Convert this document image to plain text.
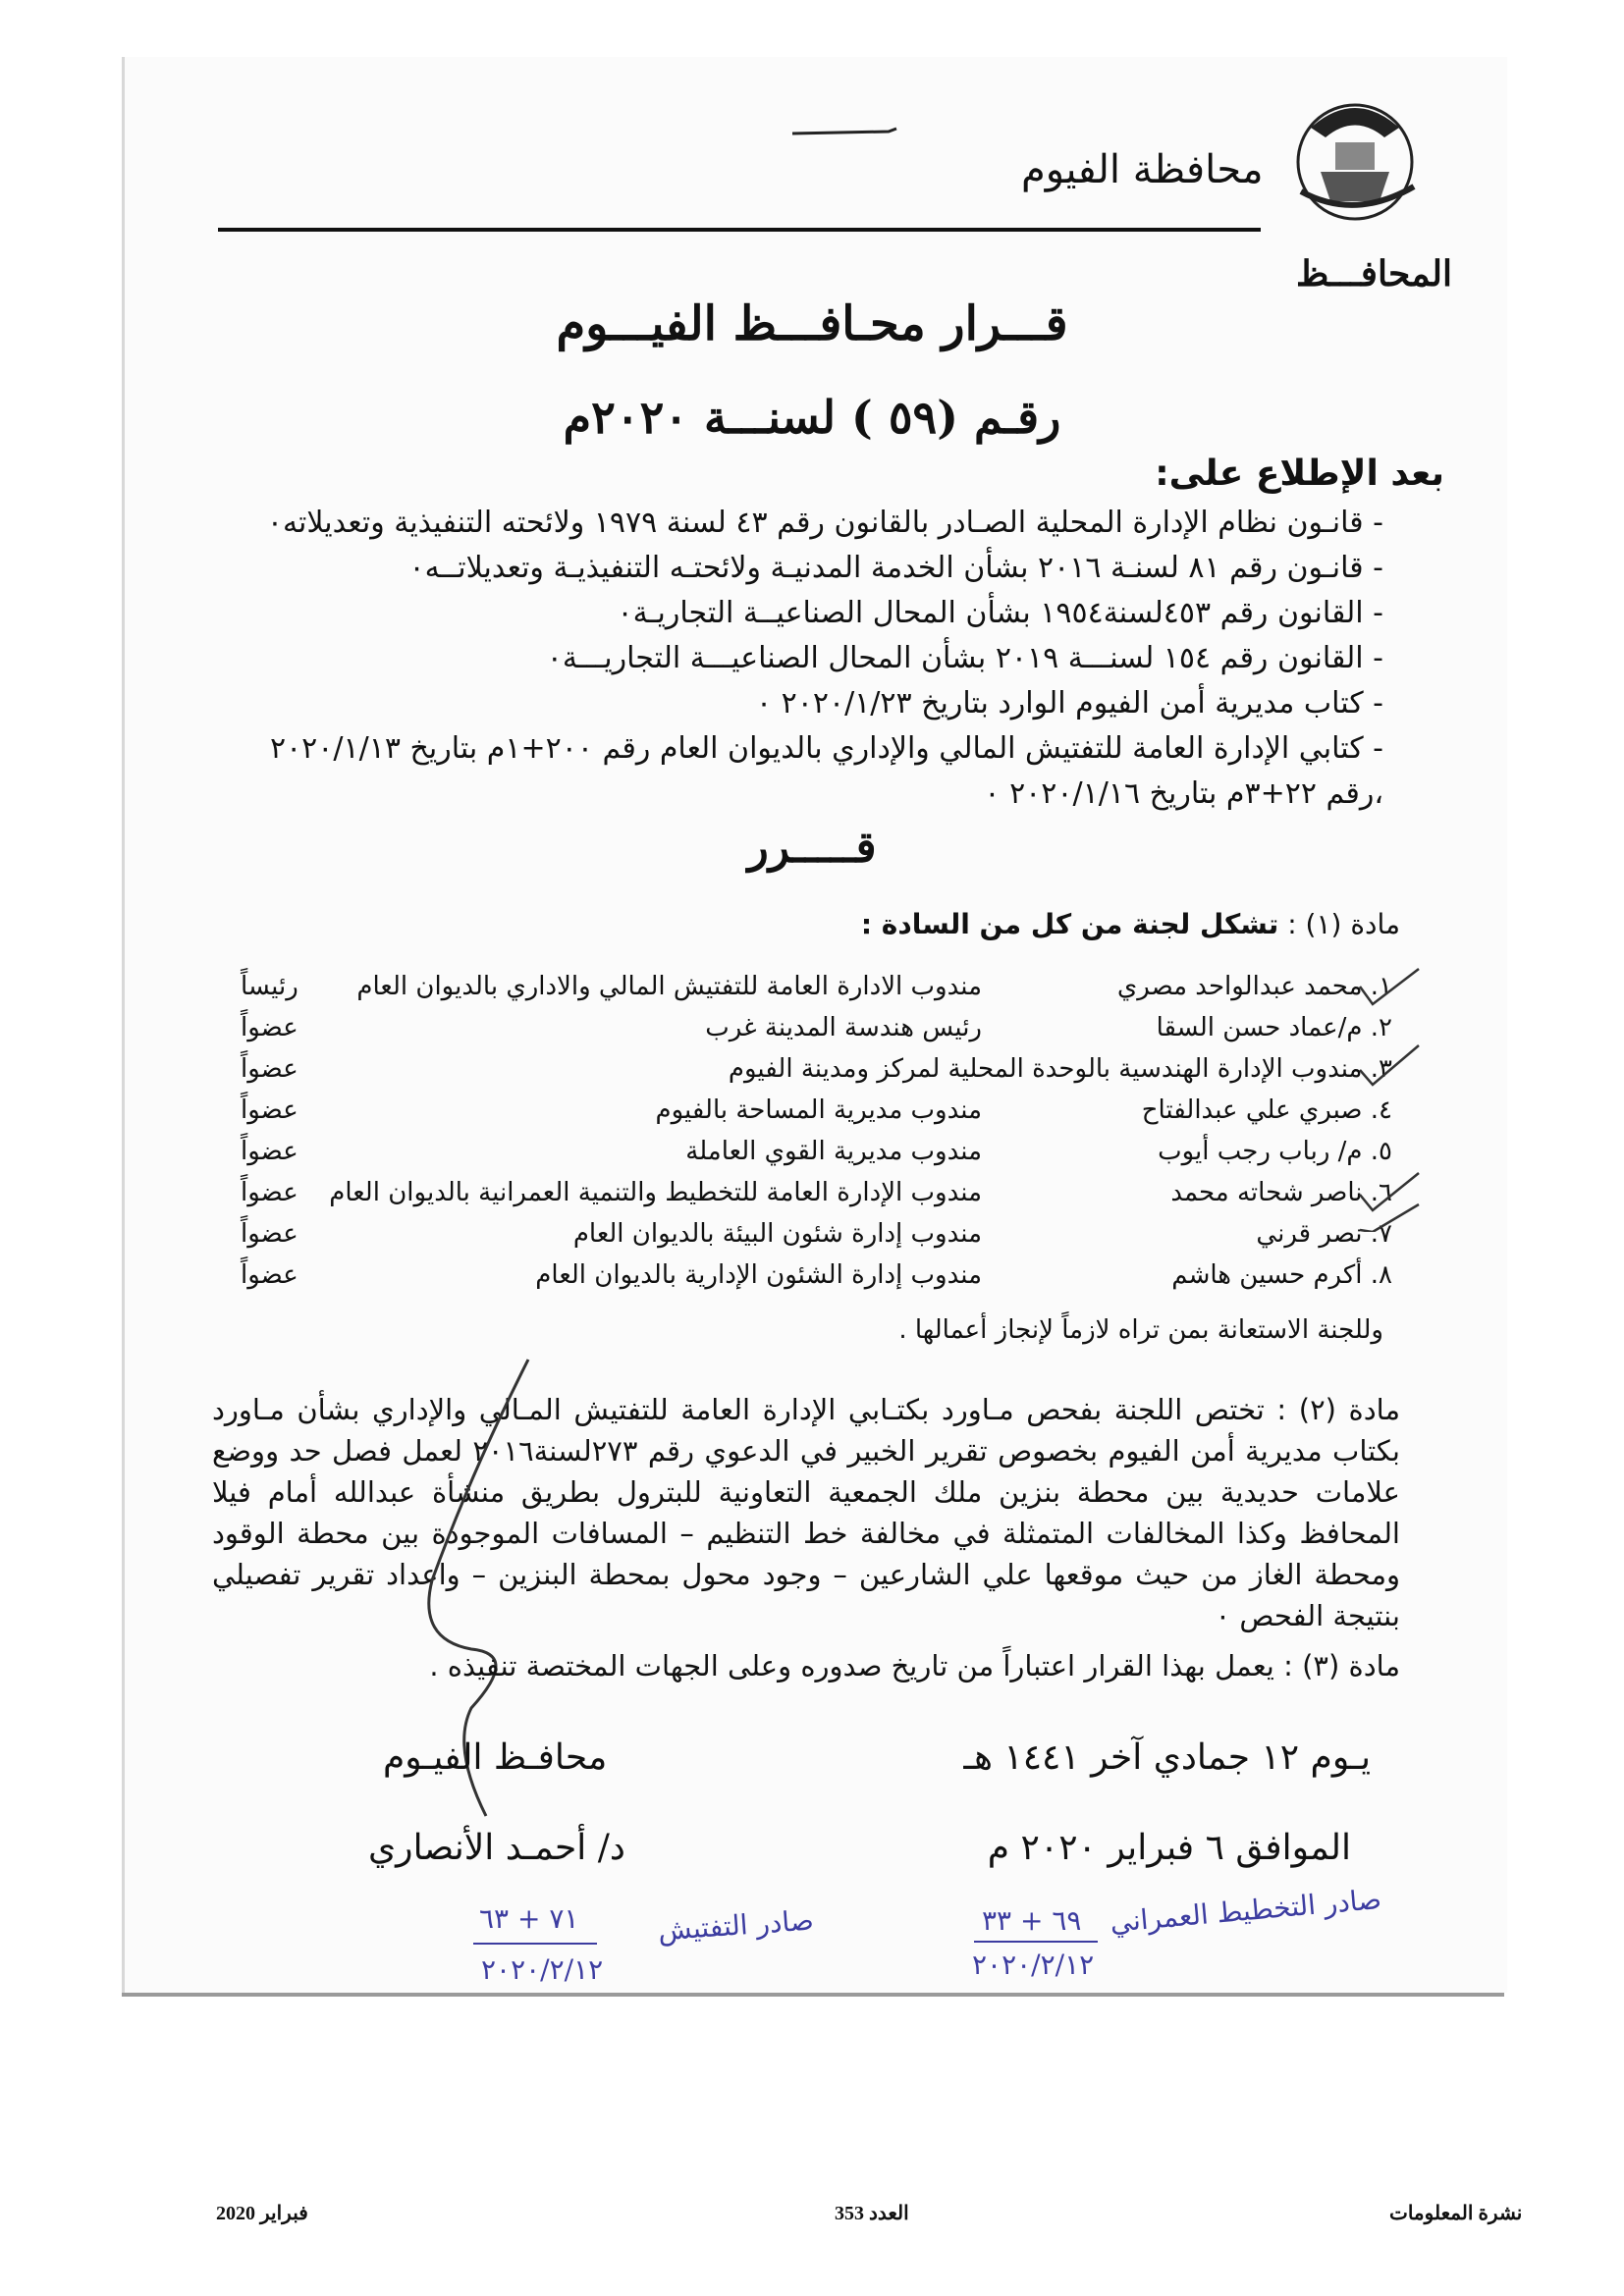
محافظة الفيوم
المحافـــظ
قـــرار محـافـــظ الفيـــوم
رقـم (٥٩ ) لسنـــة ٢٠٢٠م
بعد الإطلاع على:
- قانـون نظام الإدارة المحلية الصـادر بالقانون رقم ٤٣ لسنة ١٩٧٩ ولائحته التنفيذية وتعديلاته٠
- قانـون رقم ٨١ لسنـة ٢٠١٦ بشأن الخدمة المدنيـة ولائحتـه التنفيذيـة وتعديلاتــه٠
- القانون رقم ٤٥٣لسنة١٩٥٤ بشأن المحال الصناعيــة التجاريـة٠
- القانون رقم ١٥٤ لسنـــة ٢٠١٩ بشأن المحال الصناعيـــة التجاريـــة٠
- كتاب مديرية أمن الفيوم الوارد بتاريخ ٢٠٢٠/١/٢٣ ٠
- كتابي الإدارة العامة للتفتيش المالي والإداري بالديوان العام رقم ٢٠٠+١م بتاريخ ٢٠٢٠/١/١٣
،رقم ٢٢+٣م بتاريخ ٢٠٢٠/١/١٦ ٠
قـــــرر
مادة (١) : تشكل لجنة من كل من السادة :
١. محمد عبدالواحد مصري
مندوب الادارة العامة للتفتيش المالي والاداري بالديوان العام
رئيساً
٢. م/عماد حسن السقا
رئيس هندسة المدينة غرب
عضواً
٣. مندوب الإدارة الهندسية بالوحدة المحلية لمركز ومدينة الفيوم
عضواً
٤. صبري علي عبدالفتاح
مندوب مديرية المساحة بالفيوم
عضواً
٥. م/ رباب رجب أيوب
مندوب مديرية القوي العاملة
عضواً
٦. ناصر شحاته محمد
مندوب الإدارة العامة للتخطيط والتنمية العمرانية بالديوان العام
عضواً
٧. نصر قرني
مندوب إدارة شئون البيئة بالديوان العام
عضواً
٨. أكرم حسين هاشم
مندوب إدارة الشئون الإدارية بالديوان العام
عضواً
وللجنة الاستعانة بمن تراه لازماً لإنجاز أعمالها .
مادة (٢) : تختص اللجنة بفحص مـاورد بكتـابي الإدارة العامة للتفتيش المـالي والإداري بشأن مـاورد بكتاب مديرية أمن الفيوم بخصوص تقرير الخبير في الدعوي رقم ٢٧٣لسنة٢٠١٦ لعمل فصل حد ووضع علامات حديدية بين محطة بنزين ملك الجمعية التعاونية للبترول بطريق منشأة عبدالله أمام فيلا المحافظ وكذا المخالفات المتمثلة في مخالفة خط التنظيم – المسافات الموجودة بين محطة الوقود ومحطة الغاز من حيث موقعها علي الشارعين – وجود محول بمحطة البنزين – واعداد تقرير تفصيلي بنتيجة الفحص ٠
مادة (٣) : يعمل بهذا القرار اعتباراً من تاريخ صدوره وعلى الجهات المختصة تنفيذه .
يـوم ١٢ جمادي آخر ١٤٤١ هـ
الموافق ٦ فبراير ٢٠٢٠ م
محافـظ الفيـوم
د/ أحمـد الأنصاري
صادر التفتيش
٧١ + ٦٣
٢٠٢٠/٢/١٢
صادر التخطيط العمراني
٦٩ + ٣٣
٢٠٢٠/٢/١٢
نشرة المعلومات
العدد 353
فبراير 2020
